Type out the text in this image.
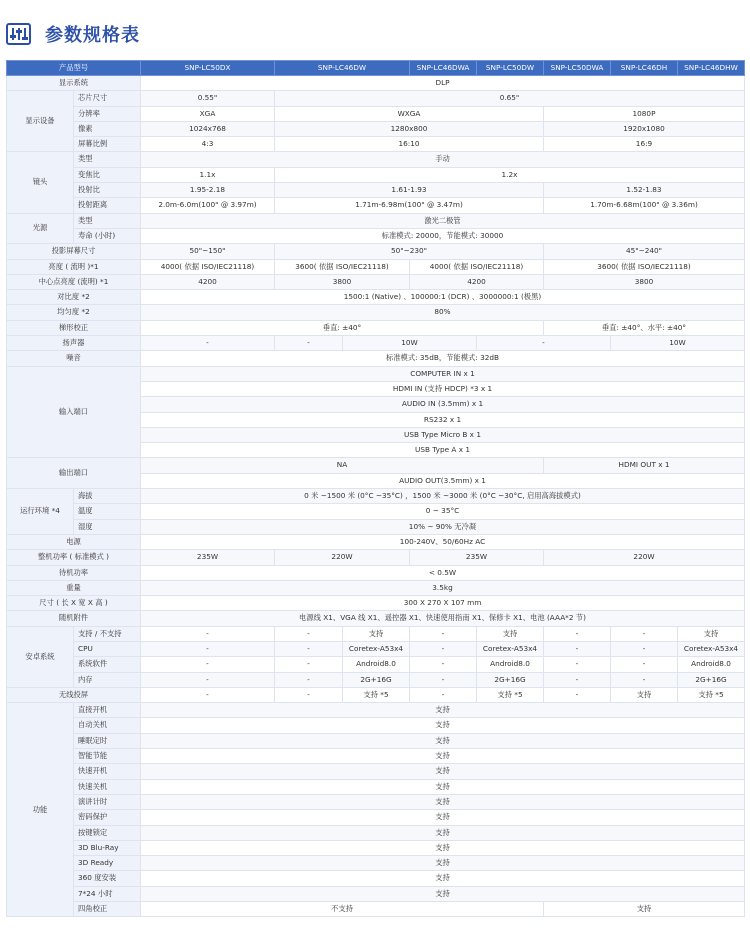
参数规格表
产品型号		SNP-LC50DX	SNP-LC46DW		SNP-LC46DWA	SNP-LC50DW	SNP-LC50DWA	SNP-LC46DH	SNP-LC46DHW	
显示系统		DLP								
显示设备	芯片尺寸	0.55"	0.65"							
	分辨率	XGA	WXGA				1080P			
	像素	1024x768	1280x800				1920x1080			
	屏幕比例	4:3	16:10				16:9			
镜头	类型	手动								
	变焦比	1.1x	1.2x							
	投射比	1.95-2.18	1.61-1.93				1.52-1.83			
	投射距离	2.0m-6.0m(100" @ 3.97m)	1.71m-6.98m(100" @ 3.47m)				1.70m-6.68m(100" @ 3.36m)			
光源	类型	激光二极管								
	寿命 (小时)	标准模式: 20000，节能模式: 30000								
投影屏幕尺寸		50"~150"	50"~230"				45"~240"			
亮度 ( 流明 )*1		4000( 依据 ISO/IEC21118)	3600( 依据 ISO/IEC21118)		4000( 依据 ISO/IEC21118)		3600( 依据 ISO/IEC21118)			
中心点亮度 (流明) *1		4200	3800		4200		3800			
对比度 *2		1500:1 (Native) 、100000:1 (DCR) 、3000000:1 (极黑)								
均匀度 *2		80%								
梯形校正		垂直: ±40°					垂直: ±40°、水平: ±40°			
扬声器		-	-	10W		-		10W		
噪音		标准模式: 35dB，节能模式: 32dB								
输入端口		COMPUTER IN x 1								
		HDMI IN (支持 HDCP) *3 x 1								
		AUDIO IN (3.5mm) x 1								
		RS232 x 1								
		USB Type Micro B x 1								
		USB Type A x 1								
输出端口		NA					HDMI OUT x 1			
		AUDIO OUT(3.5mm) x 1								
运行环境 *4	海拔	0 米 ~1500 米 (0°C ~35°C) ，1500 米 ~3000 米 (0°C ~30°C, 启用高海拔模式)								
	温度	0 ~ 35°C								
	湿度	10% ~ 90% 无冷凝								
电源		100-240V、50/60Hz AC								
整机功率 ( 标准模式 )		235W	220W		235W		220W			
待机功率		< 0.5W								
重量		3.5kg								
尺寸 ( 长 X 宽 X 高 )		300 X 270 X 107 mm								
随机附件		电源线 X1、VGA 线 X1、遥控器 X1、快速使用指南 X1、保修卡 X1、电池 (AAA*2 节)								
安卓系统	支持 / 不支持	-	-	支持	-	支持	-	-	支持	
	CPU	-	-	Coretex-A53x4	-	Coretex-A53x4	-	-	Coretex-A53x4	
	系统软件	-	-	Android8.0	-	Android8.0	-	-	Android8.0	
	内存	-	-	2G+16G	-	2G+16G	-	-	2G+16G	
无线投屏		-	-	支持 *5	-	支持 *5	-	支持	支持 *5	
功能	直接开机	支持								
	自动关机	支持								
	睡眠定时	支持								
	智能节能	支持								
	快速开机	支持								
	快速关机	支持								
	演讲计时	支持								
	密码保护	支持								
	按键锁定	支持								
	3D Blu-Ray	支持								
	3D Ready	支持								
	360 度安装	支持								
	7*24 小时	支持								
	四角校正	不支持					支持			
